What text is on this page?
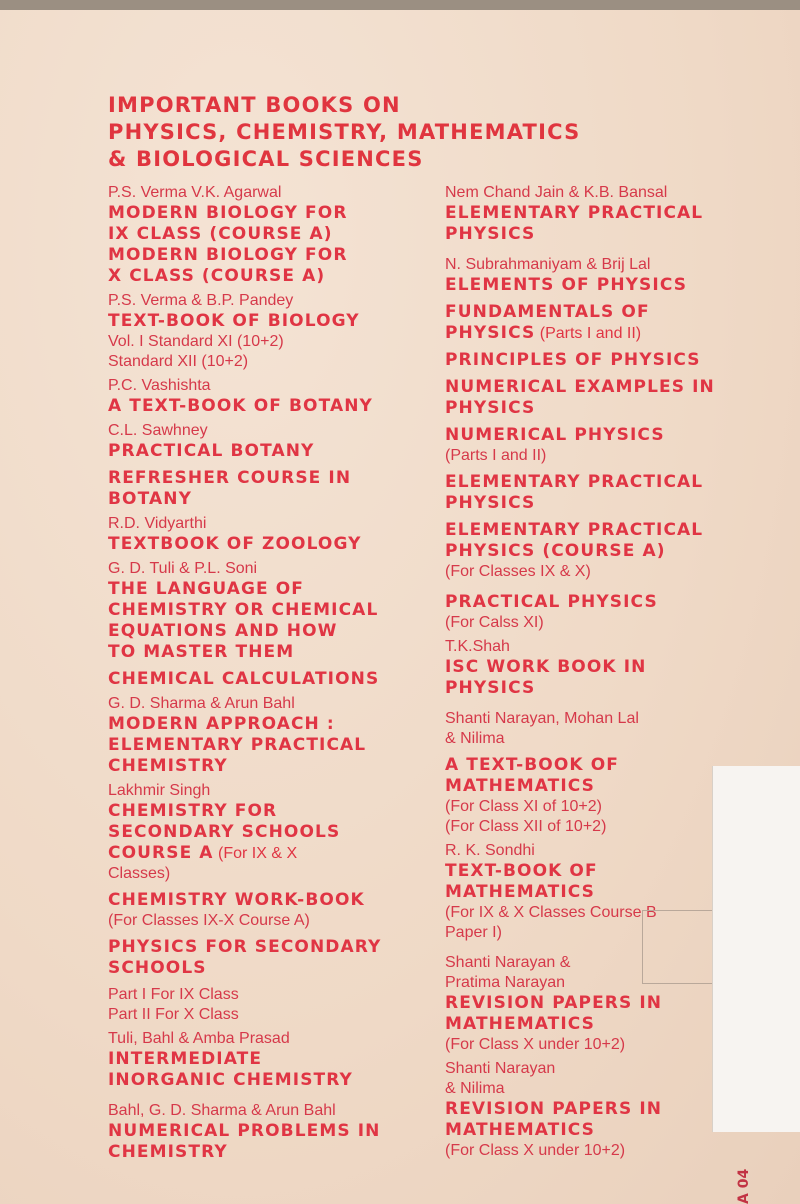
IMPORTANT BOOKS ON
PHYSICS, CHEMISTRY, MATHEMATICS
& BIOLOGICAL SCIENCES
P.S. Verma V.K. Agarwal
MODERN BIOLOGY FOR
IX CLASS (COURSE A)
MODERN BIOLOGY FOR
X CLASS (COURSE A)
P.S. Verma & B.P. Pandey
TEXT-BOOK OF BIOLOGY
Vol. I Standard XI (10+2)
Standard XII (10+2)
P.C. Vashishta
A TEXT-BOOK OF BOTANY
C.L. Sawhney
PRACTICAL BOTANY
REFRESHER COURSE IN
BOTANY
R.D. Vidyarthi
TEXTBOOK OF ZOOLOGY
G. D. Tuli & P.L. Soni
THE LANGUAGE OF
CHEMISTRY OR CHEMICAL
EQUATIONS AND HOW
TO MASTER THEM
CHEMICAL CALCULATIONS
G. D. Sharma & Arun Bahl
MODERN APPROACH :
ELEMENTARY PRACTICAL
CHEMISTRY
Lakhmir Singh
CHEMISTRY FOR
SECONDARY SCHOOLS
COURSE A (For IX & X
Classes)
CHEMISTRY WORK-BOOK
(For Classes IX-X Course A)
PHYSICS FOR SECONDARY
SCHOOLS
Part I For IX Class
Part II For X Class
Tuli, Bahl & Amba Prasad
INTERMEDIATE
INORGANIC CHEMISTRY
Bahl, G. D. Sharma & Arun Bahl
NUMERICAL PROBLEMS IN
CHEMISTRY
Nem Chand Jain & K.B. Bansal
ELEMENTARY PRACTICAL
PHYSICS
N. Subrahmaniyam & Brij Lal
ELEMENTS OF PHYSICS
FUNDAMENTALS OF
PHYSICS (Parts I and II)
PRINCIPLES OF PHYSICS
NUMERICAL EXAMPLES IN
PHYSICS
NUMERICAL PHYSICS
(Parts I and II)
ELEMENTARY PRACTICAL
PHYSICS
ELEMENTARY PRACTICAL
PHYSICS (COURSE A)
(For Classes IX & X)
PRACTICAL PHYSICS
(For Calss XI)
T.K.Shah
ISC WORK BOOK IN
PHYSICS
Shanti Narayan, Mohan Lal
& Nilima
A TEXT-BOOK OF
MATHEMATICS
(For Class XI of 10+2)
(For Class XII of 10+2)
R. K. Sondhi
TEXT-BOOK OF
MATHEMATICS
(For IX & X Classes Course B
Paper I)
Shanti Narayan &
Pratima Narayan
REVISION PAPERS IN
MATHEMATICS
(For Class X under 10+2)
Shanti Narayan
& Nilima
REVISION PAPERS IN
MATHEMATICS
(For Class X under 10+2)
A 04
